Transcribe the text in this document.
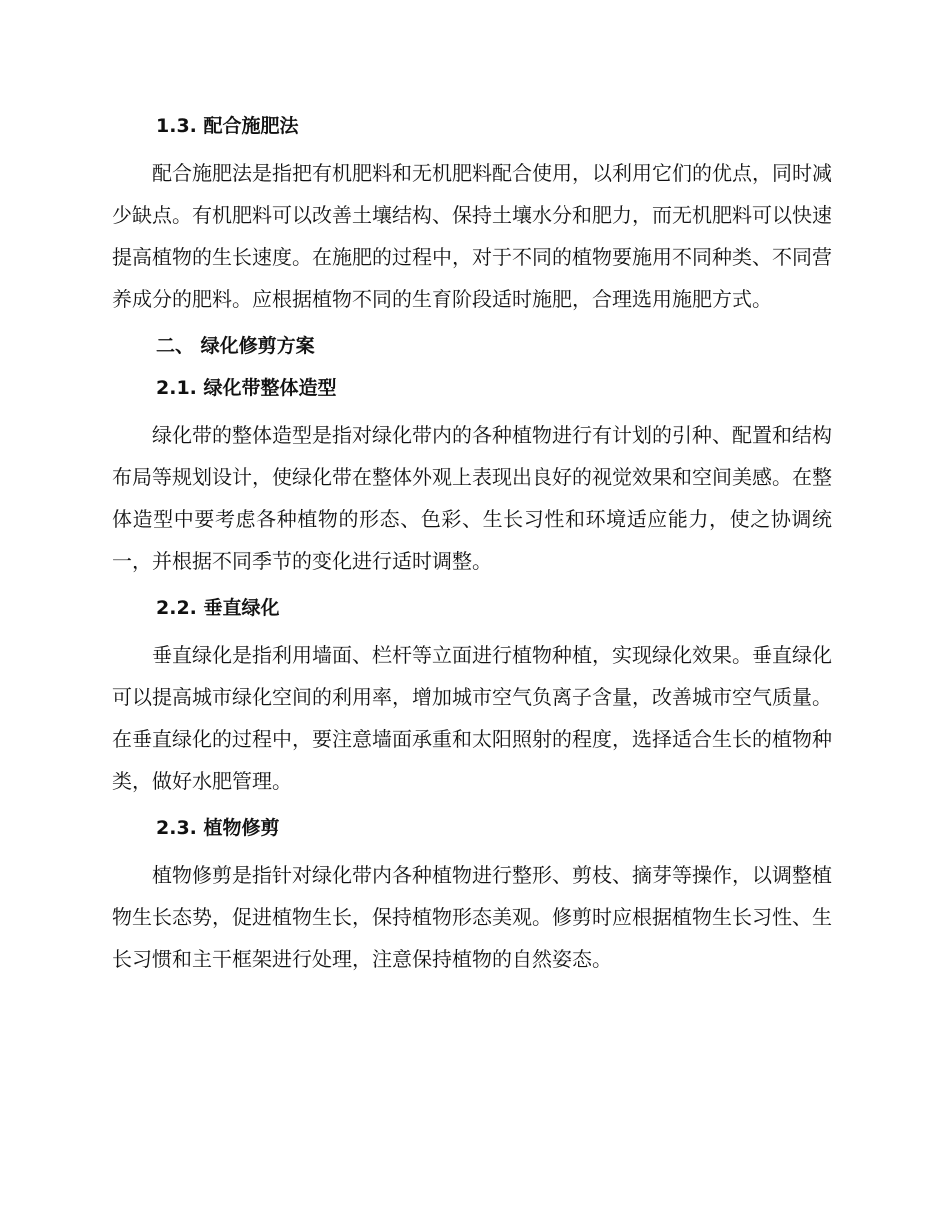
1.3. 配合施肥法

配合施肥法是指把有机肥料和无机肥料配合使用，以利用它们的优点，同时减少缺点。有机肥料可以改善土壤结构、保持土壤水分和肥力，而无机肥料可以快速提高植物的生长速度。在施肥的过程中，对于不同的植物要施用不同种类、不同营养成分的肥料。应根据植物不同的生育阶段适时施肥，合理选用施肥方式。

二、 绿化修剪方案
2.1. 绿化带整体造型

绿化带的整体造型是指对绿化带内的各种植物进行有计划的引种、配置和结构布局等规划设计，使绿化带在整体外观上表现出良好的视觉效果和空间美感。在整体造型中要考虑各种植物的形态、色彩、生长习性和环境适应能力，使之协调统一，并根据不同季节的变化进行适时调整。

2.2. 垂直绿化

垂直绿化是指利用墙面、栏杆等立面进行植物种植，实现绿化效果。垂直绿化可以提高城市绿化空间的利用率，增加城市空气负离子含量，改善城市空气质量。在垂直绿化的过程中，要注意墙面承重和太阳照射的程度，选择适合生长的植物种类，做好水肥管理。

2.3. 植物修剪

植物修剪是指针对绿化带内各种植物进行整形、剪枝、摘芽等操作，以调整植物生长态势，促进植物生长，保持植物形态美观。修剪时应根据植物生长习性、生长习惯和主干框架进行处理，注意保持植物的自然姿态。
